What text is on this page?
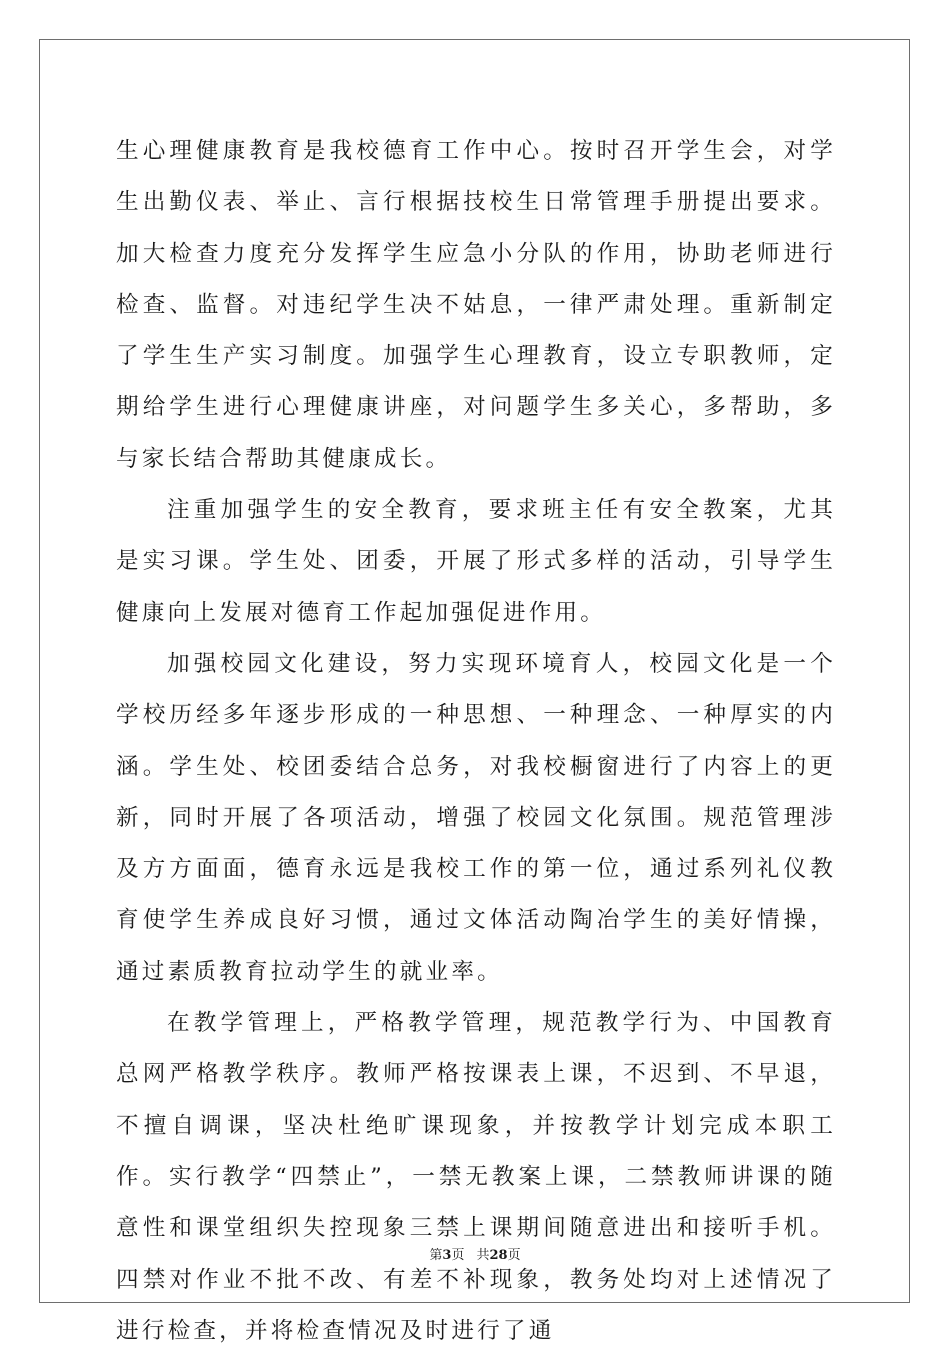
生心理健康教育是我校德育工作中心。按时召开学生会，对学生出勤仪表、举止、言行根据技校生日常管理手册提出要求。加大检查力度充分发挥学生应急小分队的作用，协助老师进行检查、监督。对违纪学生决不姑息，一律严肃处理。重新制定了学生生产实习制度。加强学生心理教育，设立专职教师，定期给学生进行心理健康讲座，对问题学生多关心，多帮助，多与家长结合帮助其健康成长。

注重加强学生的安全教育，要求班主任有安全教案，尤其是实习课。学生处、团委，开展了形式多样的活动，引导学生健康向上发展对德育工作起加强促进作用。

加强校园文化建设，努力实现环境育人，校园文化是一个学校历经多年逐步形成的一种思想、一种理念、一种厚实的内涵。学生处、校团委结合总务，对我校橱窗进行了内容上的更新，同时开展了各项活动，增强了校园文化氛围。规范管理涉及方方面面，德育永远是我校工作的第一位，通过系列礼仪教育使学生养成良好习惯，通过文体活动陶冶学生的美好情操，通过素质教育拉动学生的就业率。

在教学管理上，严格教学管理，规范教学行为、中国教育总网严格教学秩序。教师严格按课表上课，不迟到、不早退，不擅自调课，坚决杜绝旷课现象，并按教学计划完成本职工作。实行教学“四禁止”，一禁无教案上课，二禁教师讲课的随意性和课堂组织失控现象三禁上课期间随意进出和接听手机。四禁对作业不批不改、有差不补现象，教务处均对上述情况了进行检查，并将检查情况及时进行了通

第3页 共28页
